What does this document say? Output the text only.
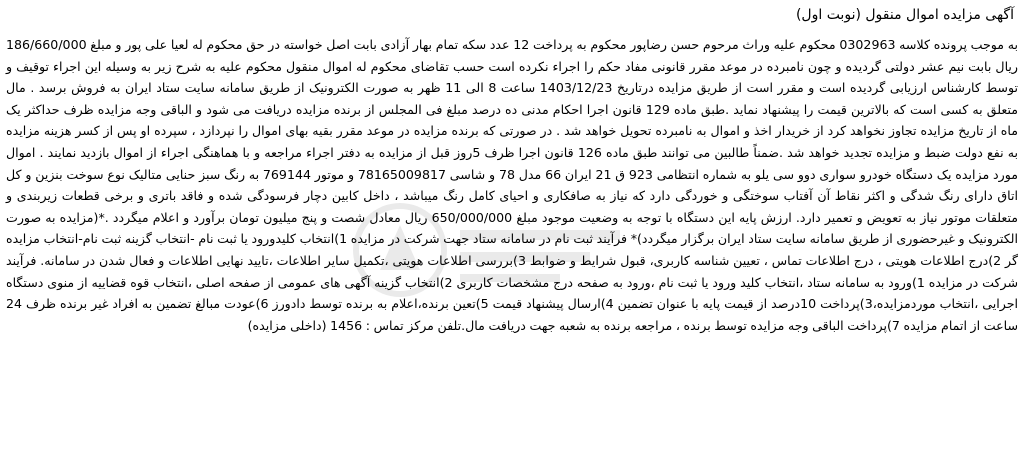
آگهی مزایده اموال منقول (نوبت اول)

به موجب پرونده کلاسه 0302963 محکوم علیه وراث مرحوم حسن رضاپور محکوم به پرداخت 12 عدد سکه تمام بهار آزادی بابت اصل خواسته در حق محکوم له لعیا علی پور و مبلغ 186/660/000 ریال بابت نیم عشر دولتی گردیده و چون نامبرده در موعد مقرر قانونی مفاد حکم را اجراء نکرده است حسب تقاضای محکوم له اموال منقول محکوم علیه به شرح زیر به وسیله این اجراء توقیف و توسط کارشناس ارزیابی گردیده است و مقرر است از طریق مزایده درتاریخ 1403/12/23 ساعت 8 الی 11 ظهر به صورت الکترونیک از طریق سامانه سایت ستاد ایران به فروش برسد . مال متعلق به کسی است که بالاترین قیمت را پیشنهاد نماید .طبق ماده 129 قانون اجرا احکام مدنی ده درصد مبلغ فی المجلس از برنده مزایده دریافت می شود و الباقی وجه مزایده ظرف حداکثر یک ماه از تاریخ مزایده تجاوز نخواهد کرد از خریدار اخذ و اموال به نامبرده تحویل خواهد شد . در صورتی که برنده مزایده در موعد مقرر بقیه بهای اموال را نپردازد ، سپرده او پس از کسر هزینه مزایده به نفع دولت ضبط و مزایده تجدید خواهد شد .ضمناً طالبین می توانند طبق ماده 126 قانون اجرا ظرف 5روز قبل از مزایده به دفتر اجراء مراجعه و با هماهنگی اجراء از اموال بازدید نمایند . اموال مورد مزایده یک دستگاه خودرو سواری دوو سی یلو به شماره انتظامی 923 ق 21 ایران 66 مدل 78 و شاسی 78165009817 و موتور 769144 به رنگ سبز حنایی متالیک نوع سوخت بنزین و کل اتاق دارای رنگ شدگی و اکثر نقاط آن آفتاب سوختگی و خوردگی دارد که نیاز به صافکاری و احیای کامل رنگ میباشد ، داخل کابین دچار فرسودگی شده و فاقد باتری و برخی قطعات زیربندی و متعلقات موتور نیاز به تعویض و تعمیر دارد. ارزش پایه این دستگاه با توجه به وضعیت موجود مبلغ 650/000/000 ریال معادل شصت و پنج میلیون تومان برآورد و اعلام میگردد .*(مزایده به صورت الکترونیک و غیرحضوری از طریق سامانه سایت ستاد ایران برگزار میگردد)* فرآیند ثبت نام در سامانه ستاد جهت شرکت در مزایده 1)انتخاب کلیدورود یا ثبت نام -انتخاب گزینه ثبت نام-انتخاب مزایده گر 2)درج اطلاعات هویتی ، درج اطلاعات تماس ، تعیین شناسه کاربری، قبول شرایط و ضوابط 3)بررسی اطلاعات هویتی ،تکمیل سایر اطلاعات ،تایید نهایی اطلاعات و فعال شدن در سامانه. فرآیند شرکت در مزایده 1)ورود به سامانه ستاد ،انتخاب کلید ورود یا ثبت نام ،ورود به صفحه درج مشخصات کاربری 2)انتخاب گزینه آگهی های عمومی از صفحه اصلی ،انتخاب قوه قضاییه از منوی دستگاه اجرایی ،انتخاب موردمزایده،3)پرداخت 10درصد از قیمت پایه با عنوان تضمین 4)ارسال پیشنهاد قیمت 5)تعین برنده،اعلام به برنده توسط دادورز 6)عودت مبالغ تضمین به افراد غیر برنده ظرف 24 ساعت از اتمام مزایده 7)پرداخت الباقی وجه مزایده توسط برنده ، مراجعه برنده به شعبه جهت دریافت مال.تلفن مرکز تماس : 1456 (داخلی مزایده)
